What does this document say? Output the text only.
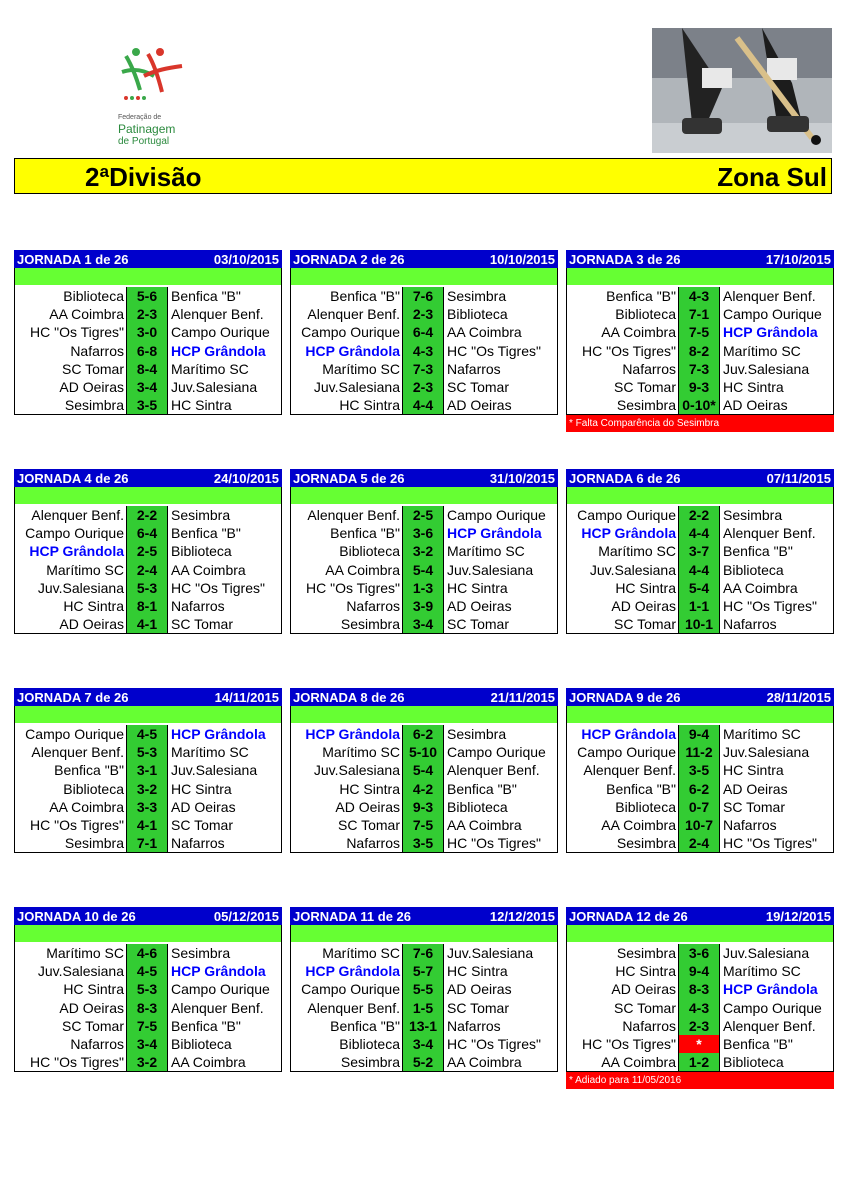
Federação de
Patinagem
de Portugal
2ªDivisão	Zona Sul
JORNADA 1 de 26	03/10/2015
Biblioteca 5-6 Benfica "B"
AA Coimbra 2-3 Alenquer Benf.
HC "Os Tigres" 3-0 Campo Ourique
Nafarros 6-8 HCP Grândola
SC Tomar 8-4 Marítimo SC
AD Oeiras 3-4 Juv.Salesiana
Sesimbra 3-5 HC Sintra
JORNADA 2 de 26	10/10/2015
Benfica "B" 7-6 Sesimbra
Alenquer Benf. 2-3 Biblioteca
Campo Ourique 6-4 AA Coimbra
HCP Grândola 4-3 HC "Os Tigres"
Marítimo SC 7-3 Nafarros
Juv.Salesiana 2-3 SC Tomar
HC Sintra 4-4 AD Oeiras
JORNADA 3 de 26	17/10/2015
Benfica "B" 4-3 Alenquer Benf.
Biblioteca 7-1 Campo Ourique
AA Coimbra 7-5 HCP Grândola
HC "Os Tigres" 8-2 Marítimo SC
Nafarros 7-3 Juv.Salesiana
SC Tomar 9-3 HC Sintra
Sesimbra 0-10* AD Oeiras
* Falta Comparência do Sesimbra
JORNADA 4 de 26	24/10/2015
Alenquer Benf. 2-2 Sesimbra
Campo Ourique 6-4 Benfica "B"
HCP Grândola 2-5 Biblioteca
Marítimo SC 2-4 AA Coimbra
Juv.Salesiana 5-3 HC "Os Tigres"
HC Sintra 8-1 Nafarros
AD Oeiras 4-1 SC Tomar
JORNADA 5 de 26	31/10/2015
Alenquer Benf. 2-5 Campo Ourique
Benfica "B" 3-6 HCP Grândola
Biblioteca 3-2 Marítimo SC
AA Coimbra 5-4 Juv.Salesiana
HC "Os Tigres" 1-3 HC Sintra
Nafarros 3-9 AD Oeiras
Sesimbra 3-4 SC Tomar
JORNADA 6 de 26	07/11/2015
Campo Ourique 2-2 Sesimbra
HCP Grândola 4-4 Alenquer Benf.
Marítimo SC 3-7 Benfica "B"
Juv.Salesiana 4-4 Biblioteca
HC Sintra 5-4 AA Coimbra
AD Oeiras 1-1 HC "Os Tigres"
SC Tomar 10-1 Nafarros
JORNADA 7 de 26	14/11/2015
Campo Ourique 4-5 HCP Grândola
Alenquer Benf. 5-3 Marítimo SC
Benfica "B" 3-1 Juv.Salesiana
Biblioteca 3-2 HC Sintra
AA Coimbra 3-3 AD Oeiras
HC "Os Tigres" 4-1 SC Tomar
Sesimbra 7-1 Nafarros
JORNADA 8 de 26	21/11/2015
HCP Grândola 6-2 Sesimbra
Marítimo SC 5-10 Campo Ourique
Juv.Salesiana 5-4 Alenquer Benf.
HC Sintra 4-2 Benfica "B"
AD Oeiras 9-3 Biblioteca
SC Tomar 7-5 AA Coimbra
Nafarros 3-5 HC "Os Tigres"
JORNADA 9 de 26	28/11/2015
HCP Grândola 9-4 Marítimo SC
Campo Ourique 11-2 Juv.Salesiana
Alenquer Benf. 3-5 HC Sintra
Benfica "B" 6-2 AD Oeiras
Biblioteca 0-7 SC Tomar
AA Coimbra 10-7 Nafarros
Sesimbra 2-4 HC "Os Tigres"
JORNADA 10 de 26	05/12/2015
Marítimo SC 4-6 Sesimbra
Juv.Salesiana 4-5 HCP Grândola
HC Sintra 5-3 Campo Ourique
AD Oeiras 8-3 Alenquer Benf.
SC Tomar 7-5 Benfica "B"
Nafarros 3-4 Biblioteca
HC "Os Tigres" 3-2 AA Coimbra
JORNADA 11 de 26	12/12/2015
Marítimo SC 7-6 Juv.Salesiana
HCP Grândola 5-7 HC Sintra
Campo Ourique 5-5 AD Oeiras
Alenquer Benf. 1-5 SC Tomar
Benfica "B" 13-1 Nafarros
Biblioteca 3-4 HC "Os Tigres"
Sesimbra 5-2 AA Coimbra
JORNADA 12 de 26	19/12/2015
Sesimbra 3-6 Juv.Salesiana
HC Sintra 9-4 Marítimo SC
AD Oeiras 8-3 HCP Grândola
SC Tomar 4-3 Campo Ourique
Nafarros 2-3 Alenquer Benf.
HC "Os Tigres"	*	Benfica "B"
AA Coimbra 1-2 Biblioteca
* Adiado para 11/05/2016
